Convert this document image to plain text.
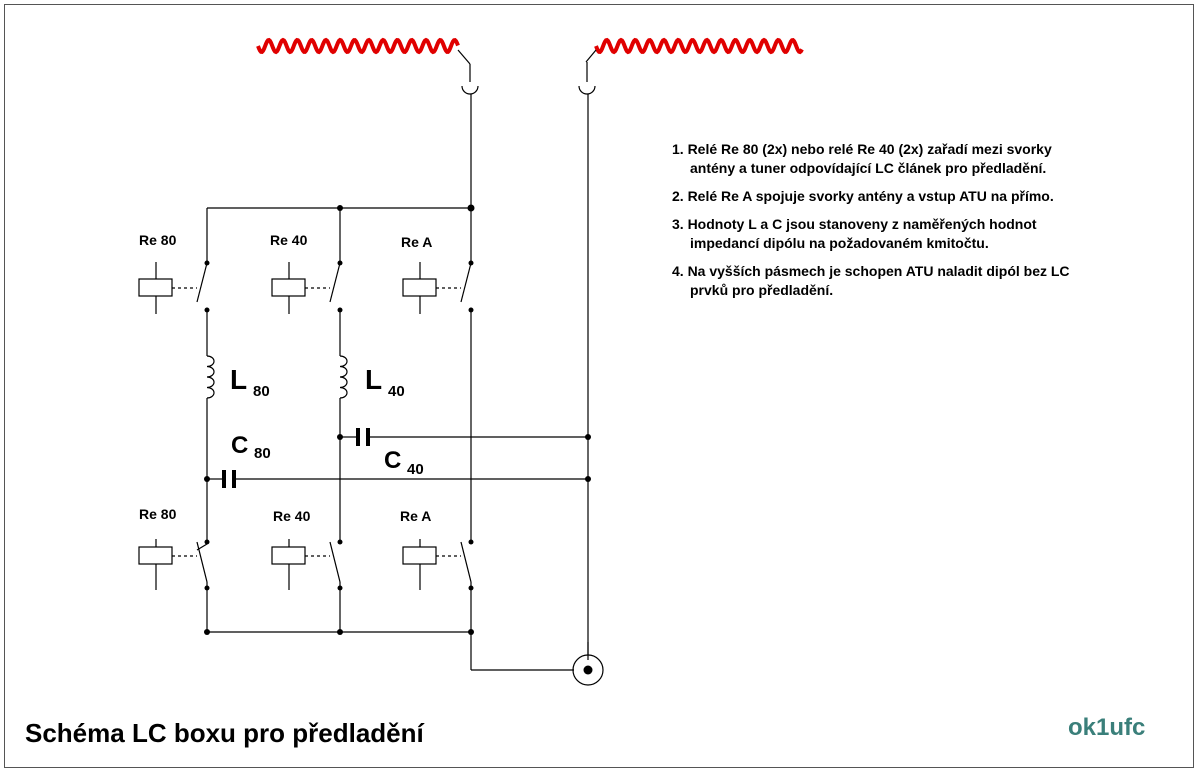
Re 80	Re 40	Re A
Re 80	Re 40	Re A
L 80	L 40
C 80	C 40
1. Relé Re 80 (2x) nebo relé Re 40 (2x) zařadí mezi svorky
antény a tuner odpovídající LC článek pro předladění.
2. Relé Re A spojuje svorky antény a vstup ATU na přímo.
3. Hodnoty L a C jsou stanoveny z naměřených hodnot
impedancí dipólu na požadovaném kmitočtu.
4. Na vyšších pásmech je schopen ATU naladit dipól bez LC
prvků pro předladění.
Schéma LC boxu pro předladění	ok1ufc
